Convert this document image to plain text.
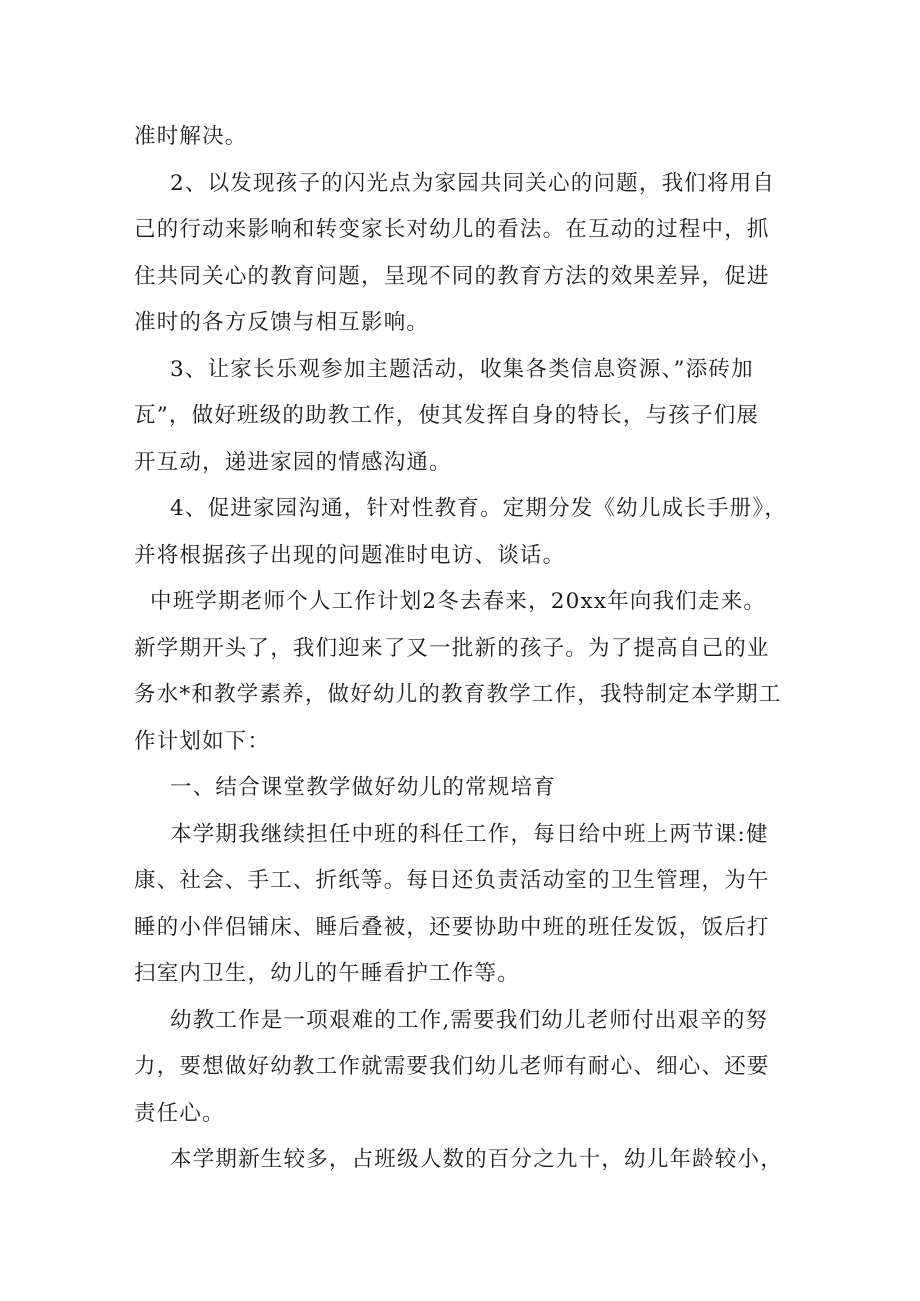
准时解决。
2、以发现孩子的闪光点为家园共同关心的问题，我们将用自
己的行动来影响和转变家长对幼儿的看法。在互动的过程中，抓
住共同关心的教育问题，呈现不同的教育方法的效果差异，促进
准时的各方反馈与相互影响。
3、让家长乐观参加主题活动，收集各类信息资源、”添砖加
瓦”，做好班级的助教工作，使其发挥自身的特长，与孩子们展
开互动，递进家园的情感沟通。
4、促进家园沟通，针对性教育。定期分发《幼儿成长手册》，
并将根据孩子出现的问题准时电访、谈话。
中班学期老师个人工作计划2冬去春来，20xx年向我们走来。
新学期开头了，我们迎来了又一批新的孩子。为了提高自己的业
务水*和教学素养，做好幼儿的教育教学工作，我特制定本学期工
作计划如下：
一、结合课堂教学做好幼儿的常规培育
本学期我继续担任中班的科任工作，每日给中班上两节课:健
康、社会、手工、折纸等。每日还负责活动室的卫生管理，为午
睡的小伴侣铺床、睡后叠被，还要协助中班的班任发饭，饭后打
扫室内卫生，幼儿的午睡看护工作等。
幼教工作是一项艰难的工作,需要我们幼儿老师付出艰辛的努
力，要想做好幼教工作就需要我们幼儿老师有耐心、细心、还要
责任心。
本学期新生较多，占班级人数的百分之九十，幼儿年龄较小，
